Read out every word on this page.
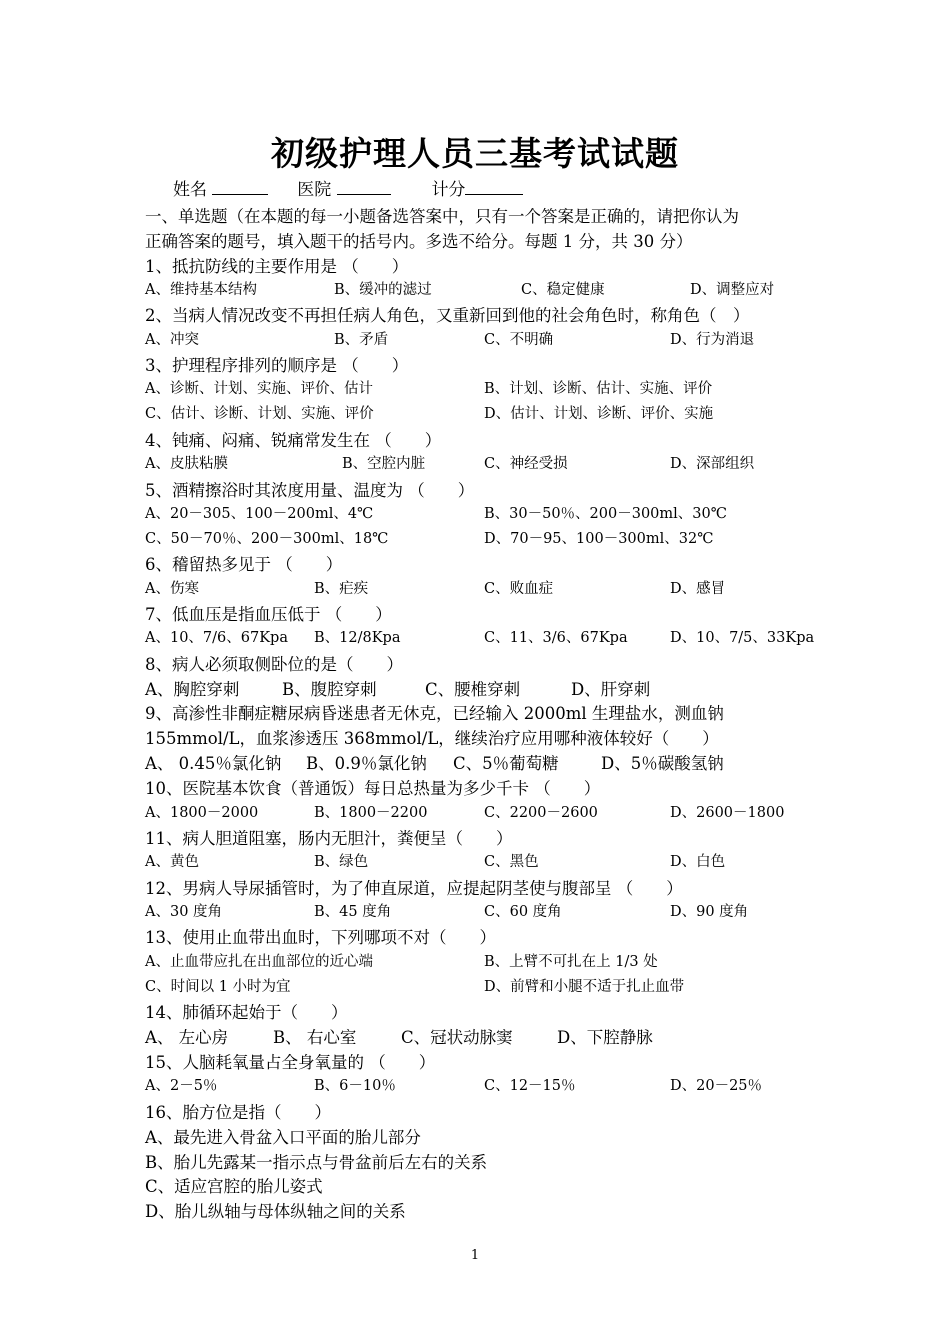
初级护理人员三基考试试题
姓名	医院	计分
一、单选题（在本题的每一小题备选答案中，只有一个答案是正确的，请把你认为
正确答案的题号，填入题干的括号内。多选不给分。每题 1 分，共 30 分）
1、抵抗防线的主要作用是 （　　）
A、维持基本结构	B、缓冲的滤过	C、稳定健康	D、调整应对
2、当病人情况改变不再担任病人角色，又重新回到他的社会角色时，称角色（　）
A、冲突	B、矛盾	C、不明确	D、行为消退
3、护理程序排列的顺序是 （　　）
A、诊断、计划、实施、评价、估计	B、计划、诊断、估计、实施、评价
C、估计、诊断、计划、实施、评价	D、估计、计划、诊断、评价、实施
4、钝痛、闷痛、锐痛常发生在 （　　）
A、皮肤粘膜	B、空腔内脏	C、神经受损	D、深部组织
5、酒精擦浴时其浓度用量、温度为 （　　）
A、20－305、100－200ml、4℃	B、30－50％、200－300ml、30℃
C、50－70％、200－300ml、18℃	D、70－95、100－300ml、32℃
6、稽留热多见于 （　　）
A、伤寒	B、疟疾	C、败血症	D、感冒
7、低血压是指血压低于 （　　）
A、10、7/6、67Kpa B、12/8Kpa	C、11、3/6、67Kpa	D、10、7/5、33Kpa
8、病人必须取侧卧位的是（　　）
A、胸腔穿刺	B、腹腔穿刺	C、腰椎穿刺	D、肝穿刺
9、高渗性非酮症糖尿病昏迷患者无休克，已经输入 2000ml 生理盐水，测血钠
155mmol/L，血浆渗透压 368mmol/L，继续治疗应用哪种液体较好（　　）
A、 0.45％氯化钠 B、0.9％氯化钠 C、5％葡萄糖	D、5％碳酸氢钠
10、医院基本饮食（普通饭）每日总热量为多少千卡 （　　）
A、1800－2000	B、1800－2200	C、2200－2600	D、2600－1800
11、病人胆道阻塞，肠内无胆汁，粪便呈（　　）
A、黄色	B、绿色	C、黑色	D、白色
12、男病人导尿插管时，为了伸直尿道，应提起阴茎使与腹部呈 （　　）
A、30 度角	B、45 度角	C、60 度角	D、90 度角
13、使用止血带出血时，下列哪项不对（　　）
A、止血带应扎在出血部位的近心端	B、上臂不可扎在上 1/3 处
C、时间以 1 小时为宜	D、前臂和小腿不适于扎止血带
14、肺循环起始于（　　）
A、 左心房	B、 右心室	C、冠状动脉窦	D、下腔静脉
15、人脑耗氧量占全身氧量的 （　　）
A、2－5％	B、6－10％	C、12－15％	D、20－25％
16、胎方位是指（　　）
A、最先进入骨盆入口平面的胎儿部分
B、胎儿先露某一指示点与骨盆前后左右的关系
C、适应宫腔的胎儿姿式
D、胎儿纵轴与母体纵轴之间的关系
1
